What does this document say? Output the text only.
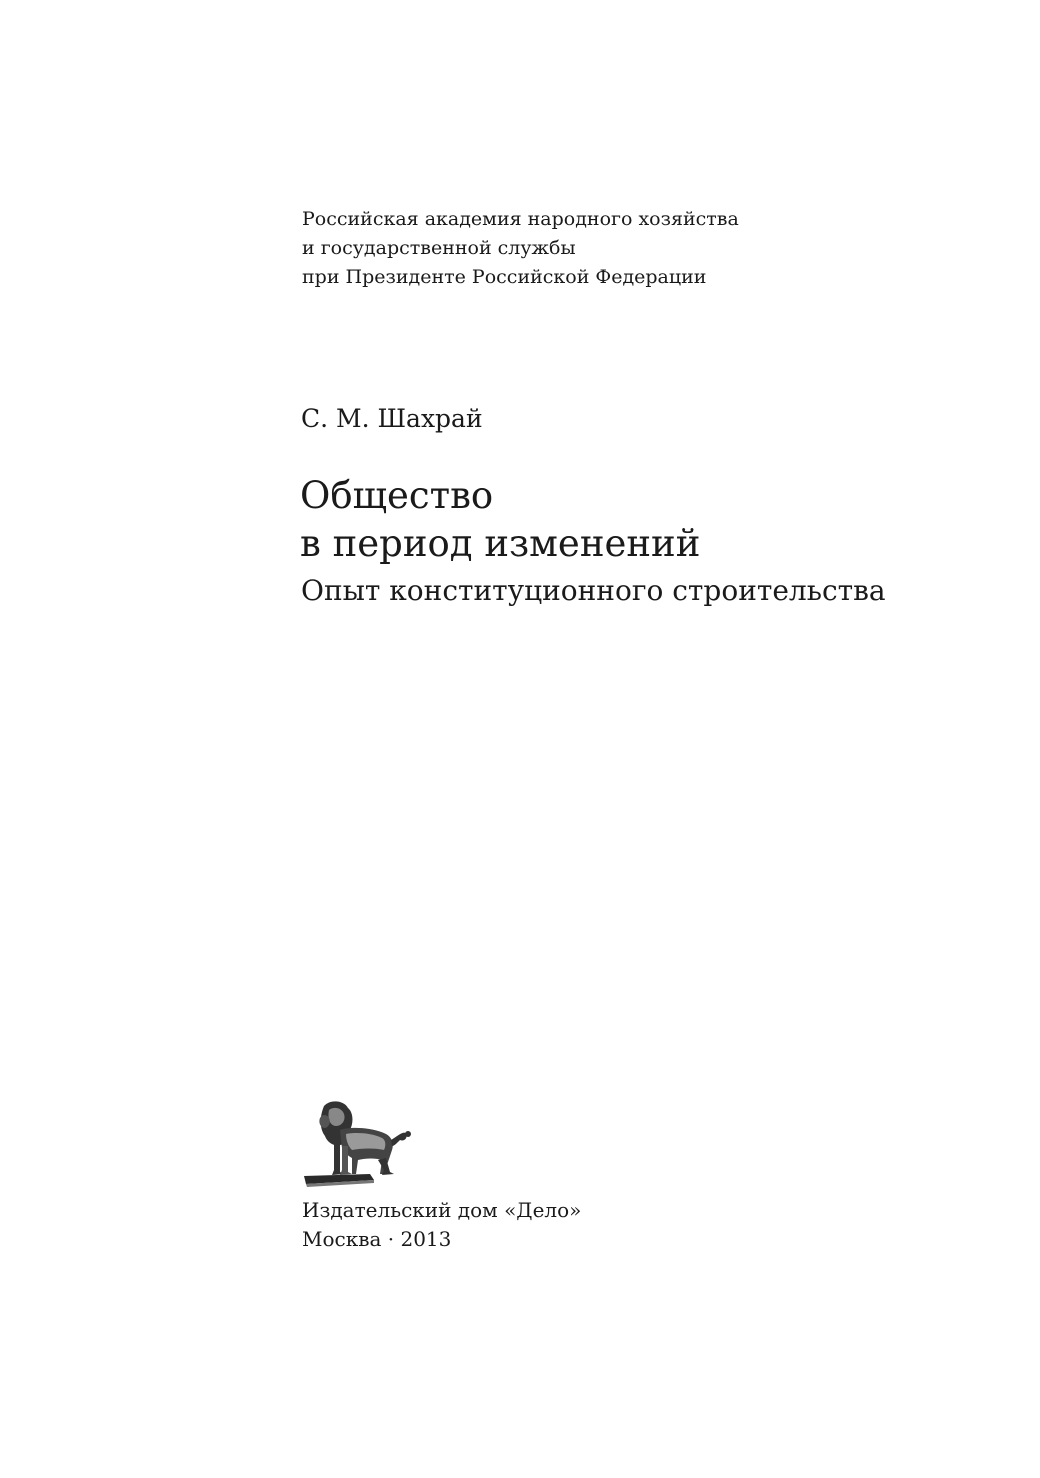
Российская академия народного хозяйства
и государственной службы
при Президенте Российской Федерации
С. М. Шахрай
Общество
в период изменений
Опыт конституционного строительства
Издательский дом «Дело»
Москва · 2013
